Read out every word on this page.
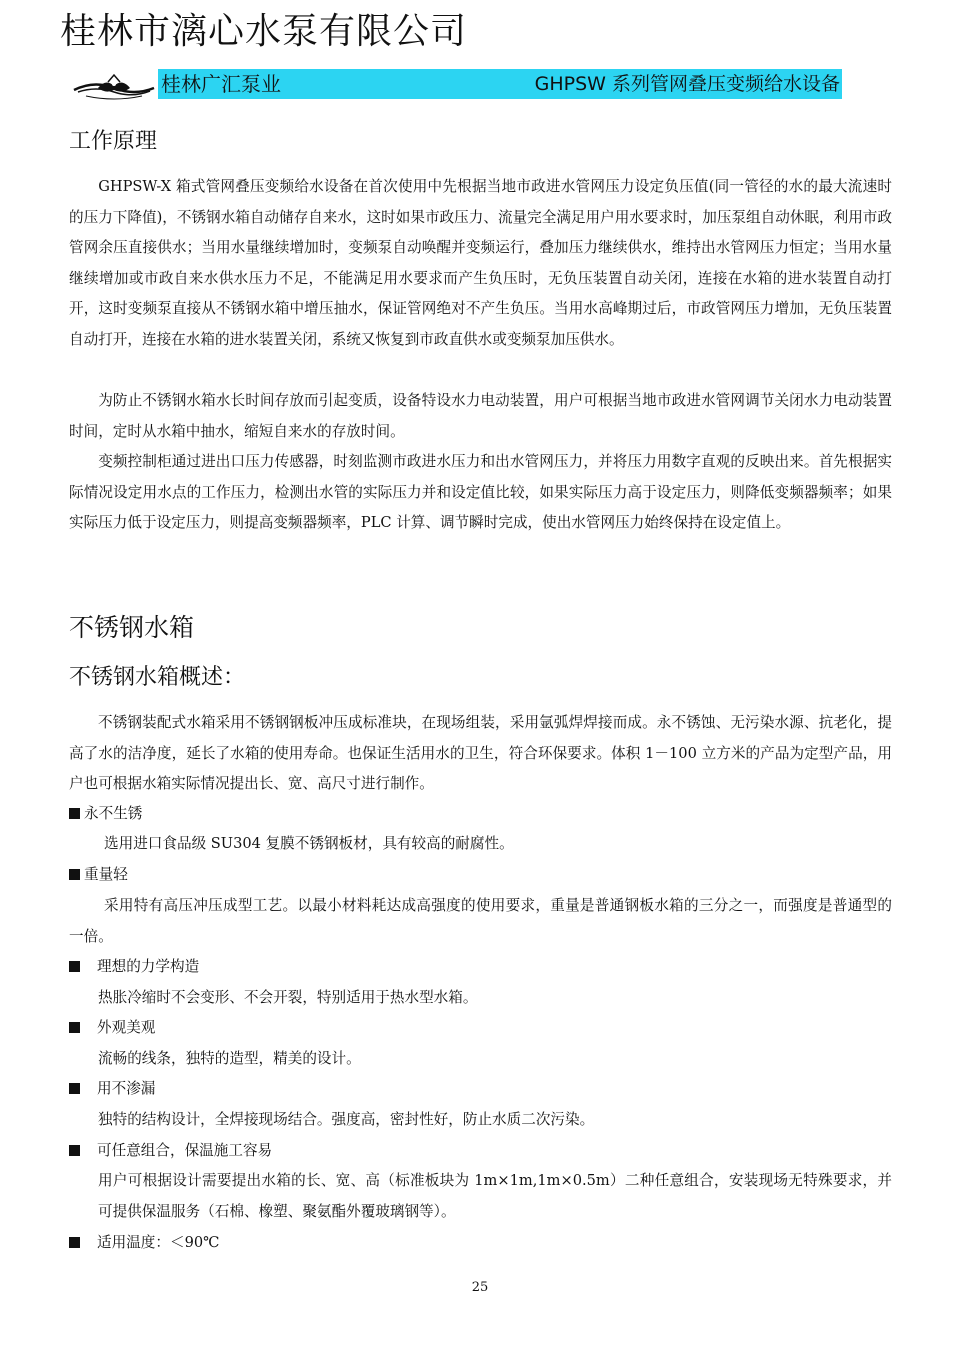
桂林市漓心水泵有限公司
桂林广汇泵业	GHPSW 系列管网叠压变频给水设备
工作原理

GHPSW-X 箱式管网叠压变频给水设备在首次使用中先根据当地市政进水管网压力设定负压值(同一管径的水的最大流速时的压力下降值)，不锈钢水箱自动储存自来水，这时如果市政压力、流量完全满足用户用水要求时，加压泵组自动休眠，利用市政管网余压直接供水；当用水量继续增加时，变频泵自动唤醒并变频运行，叠加压力继续供水，维持出水管网压力恒定；当用水量继续增加或市政自来水供水压力不足，不能满足用水要求而产生负压时，无负压装置自动关闭，连接在水箱的进水装置自动打开，这时变频泵直接从不锈钢水箱中增压抽水，保证管网绝对不产生负压。当用水高峰期过后，市政管网压力增加，无负压装置自动打开，连接在水箱的进水装置关闭，系统又恢复到市政直供水或变频泵加压供水。

为防止不锈钢水箱水长时间存放而引起变质，设备特设水力电动装置，用户可根据当地市政进水管网调节关闭水力电动装置时间，定时从水箱中抽水，缩短自来水的存放时间。

变频控制柜通过进出口压力传感器，时刻监测市政进水压力和出水管网压力，并将压力用数字直观的反映出来。首先根据实际情况设定用水点的工作压力，检测出水管的实际压力并和设定值比较，如果实际压力高于设定压力，则降低变频器频率；如果实际压力低于设定压力，则提高变频器频率，PLC 计算、调节瞬时完成，使出水管网压力始终保持在设定值上。

不锈钢水箱
不锈钢水箱概述：

不锈钢装配式水箱采用不锈钢钢板冲压成标准块，在现场组装，采用氩弧焊焊接而成。永不锈蚀、无污染水源、抗老化，提高了水的洁净度，延长了水箱的使用寿命。也保证生活用水的卫生，符合环保要求。体积 1－100 立方米的产品为定型产品，用户也可根据水箱实际情况提出长、宽、高尺寸进行制作。

永不生锈

选用进口食品级 SU304 复膜不锈钢板材，具有较高的耐腐性。

重量轻

采用特有高压冲压成型工艺。以最小材料耗达成高强度的使用要求，重量是普通钢板水箱的三分之一，而强度是普通型的一倍。

理想的力学构造

热胀冷缩时不会变形、不会开裂，特别适用于热水型水箱。

外观美观

流畅的线条，独特的造型，精美的设计。

用不渗漏

独特的结构设计，全焊接现场结合。强度高，密封性好，防止水质二次污染。

可任意组合，保温施工容易

用户可根据设计需要提出水箱的长、宽、高（标准板块为 1m×1m,1m×0.5m）二种任意组合，安装现场无特殊要求，并可提供保温服务（石棉、橡塑、聚氨酯外覆玻璃钢等）。

适用温度：＜90℃
25
